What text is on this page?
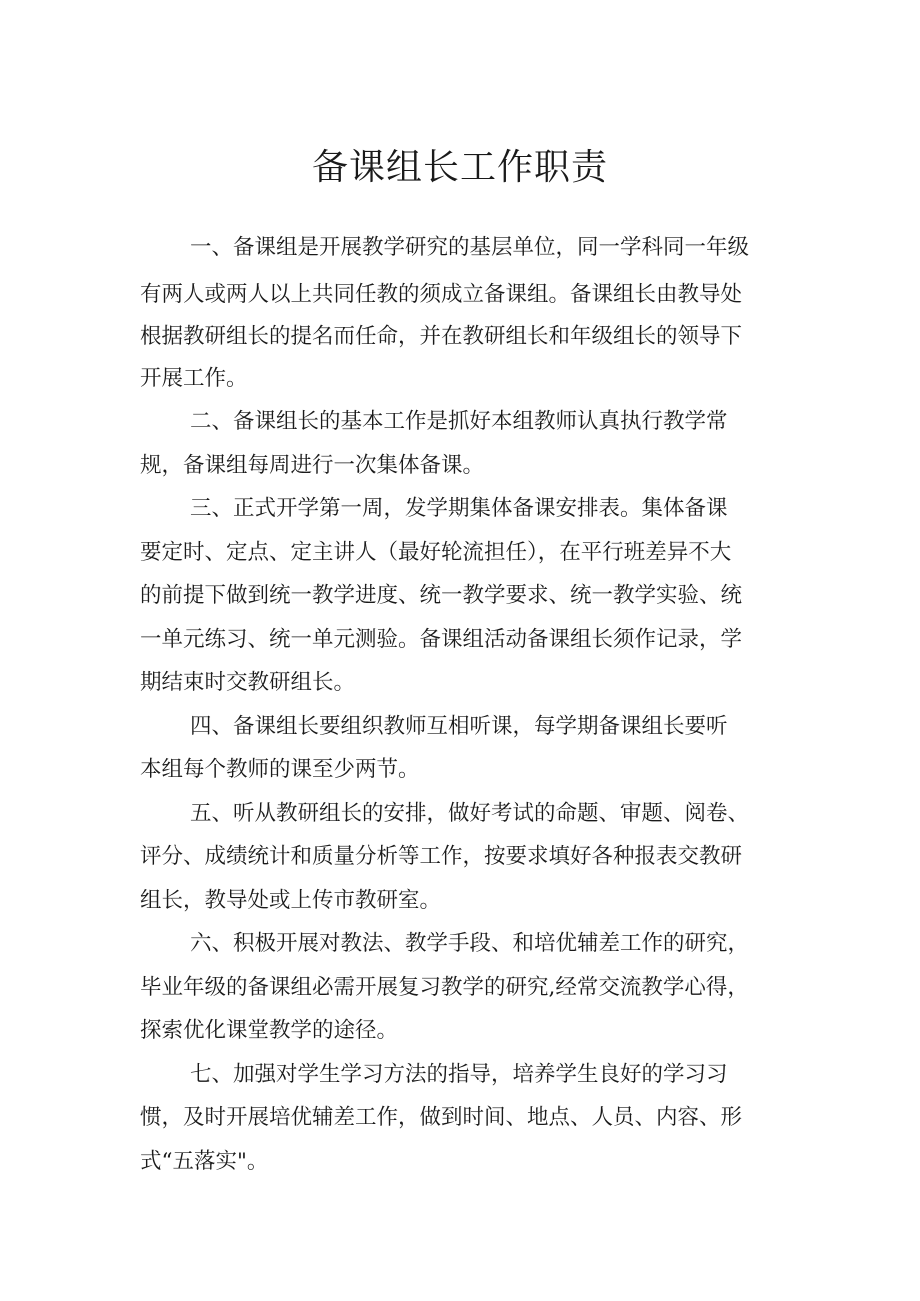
备课组长工作职责

一、备课组是开展教学研究的基层单位，同一学科同一年级

有两人或两人以上共同任教的须成立备课组。备课组长由教导处

根据教研组长的提名而任命，并在教研组长和年级组长的领导下

开展工作。

二、备课组长的基本工作是抓好本组教师认真执行教学常

规，备课组每周进行一次集体备课。

三、正式开学第一周，发学期集体备课安排表。集体备课

要定时、定点、定主讲人（最好轮流担任），在平行班差异不大

的前提下做到统一教学进度、统一教学要求、统一教学实验、统

一单元练习、统一单元测验。备课组活动备课组长须作记录，学

期结束时交教研组长。

四、备课组长要组织教师互相听课，每学期备课组长要听

本组每个教师的课至少两节。

五、听从教研组长的安排，做好考试的命题、审题、阅卷、

评分、成绩统计和质量分析等工作，按要求填好各种报表交教研

组长，教导处或上传市教研室。

六、积极开展对教法、教学手段、和培优辅差工作的研究，

毕业年级的备课组必需开展复习教学的研究,经常交流教学心得，

探索优化课堂教学的途径。

七、加强对学生学习方法的指导，培养学生良好的学习习

惯，及时开展培优辅差工作，做到时间、地点、人员、内容、形

式“五落实"。
